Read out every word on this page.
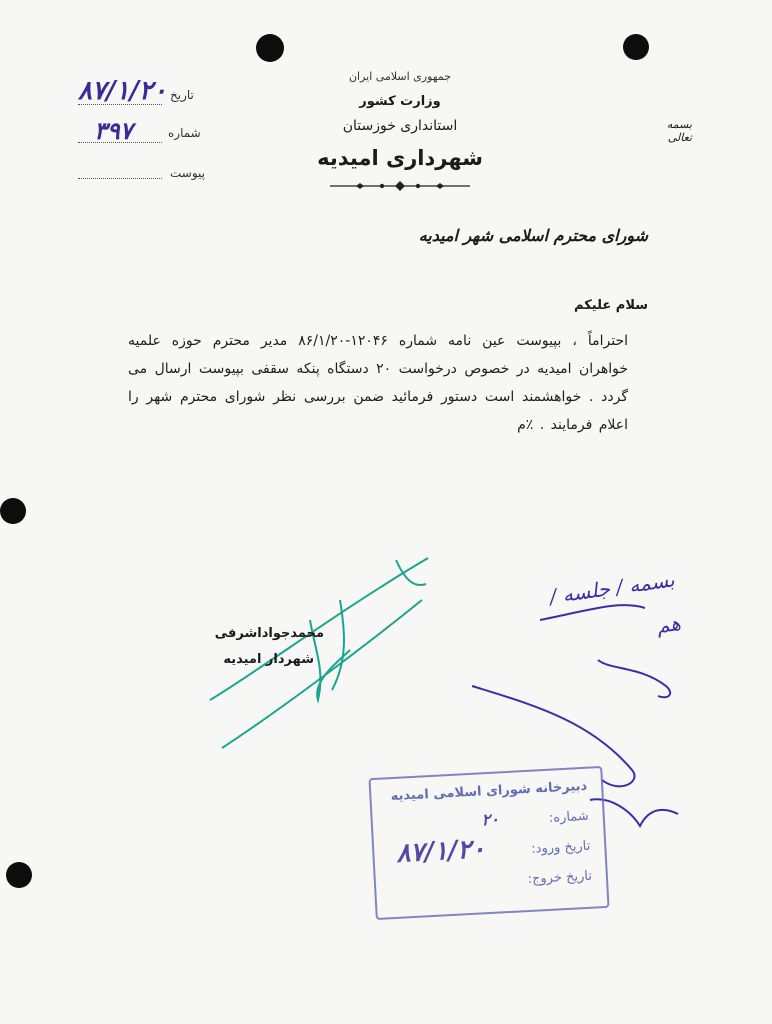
تاریخ
۸۷/۱/۲۰
شماره
۳۹۷
پیوست
جمهوری اسلامی ایران
وزارت کشور
استانداری خوزستان
شهرداری امیدیه
بسمه تعالی
شورای محترم اسلامی شهر امیدیه
سلام علیکم
احتراماً ، بپیوست عین نامه شماره ۱۲۰۴۶-۸۶/۱/۲۰ مدیر محترم حوزه علمیه خواهران امیدیه در خصوص درخواست ۲۰ دستگاه پنکه سقفی بپیوست ارسال می گردد . خواهشمند است دستور فرمائید ضمن بررسی نظر شورای محترم شهر را اعلام فرمایند . ٪م
محمدجواداشرفی
شهردار امیدیه
بسمه / جلسه / هم
دبیرخانه شورای اسلامی امیدیه
شماره:
۲۰
تاریخ ورود:
۸۷/۱/۲۰
تاریخ خروج:
